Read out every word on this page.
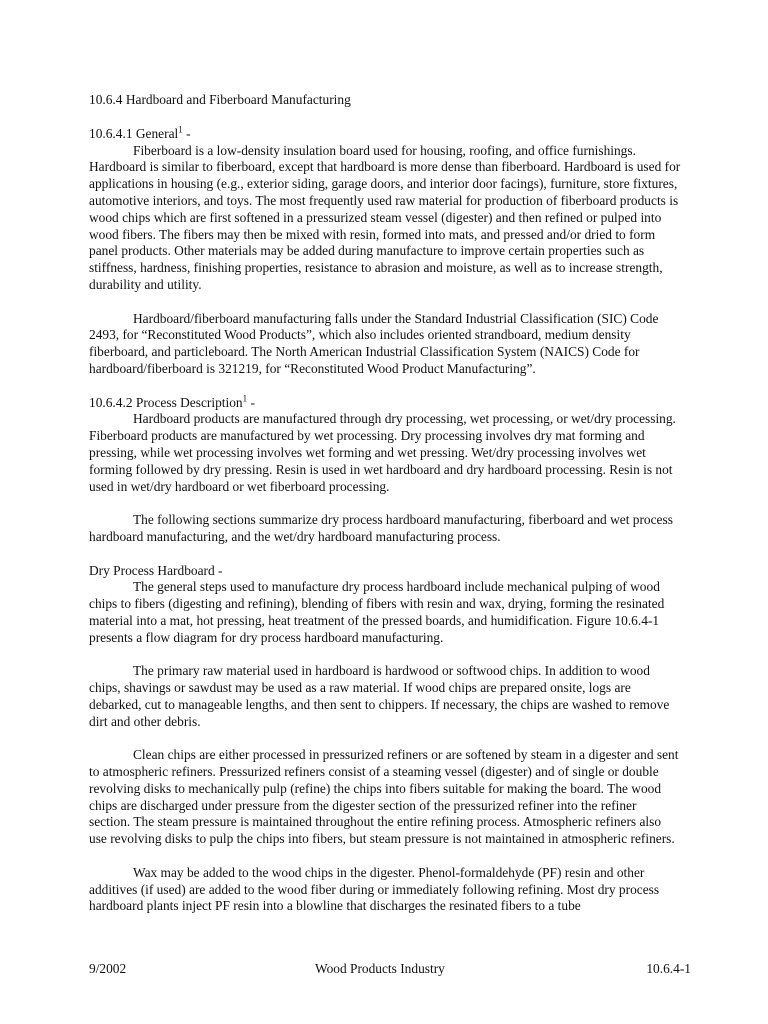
10.6.4 Hardboard and Fiberboard Manufacturing

10.6.4.1 General$^1$ -

Fiberboard is a low-density insulation board used for housing, roofing, and office furnishings. Hardboard is similar to fiberboard, except that hardboard is more dense than fiberboard. Hardboard is used for applications in housing (e.g., exterior siding, garage doors, and interior door facings), furniture, store fixtures, automotive interiors, and toys. The most frequently used raw material for production of fiberboard products is wood chips which are first softened in a pressurized steam vessel (digester) and then refined or pulped into wood fibers. The fibers may then be mixed with resin, formed into mats, and pressed and/or dried to form panel products. Other materials may be added during manufacture to improve certain properties such as stiffness, hardness, finishing properties, resistance to abrasion and moisture, as well as to increase strength, durability and utility.

Hardboard/fiberboard manufacturing falls under the Standard Industrial Classification (SIC) Code 2493, for “Reconstituted Wood Products”, which also includes oriented strandboard, medium density fiberboard, and particleboard. The North American Industrial Classification System (NAICS) Code for hardboard/fiberboard is 321219, for “Reconstituted Wood Product Manufacturing”.

10.6.4.2 Process Description$^1$ -

Hardboard products are manufactured through dry processing, wet processing, or wet/dry processing. Fiberboard products are manufactured by wet processing. Dry processing involves dry mat forming and pressing, while wet processing involves wet forming and wet pressing. Wet/dry processing involves wet forming followed by dry pressing. Resin is used in wet hardboard and dry hardboard processing. Resin is not used in wet/dry hardboard or wet fiberboard processing.

The following sections summarize dry process hardboard manufacturing, fiberboard and wet process hardboard manufacturing, and the wet/dry hardboard manufacturing process.

Dry Process Hardboard -

The general steps used to manufacture dry process hardboard include mechanical pulping of wood chips to fibers (digesting and refining), blending of fibers with resin and wax, drying, forming the resinated material into a mat, hot pressing, heat treatment of the pressed boards, and humidification. Figure 10.6.4-1 presents a flow diagram for dry process hardboard manufacturing.

The primary raw material used in hardboard is hardwood or softwood chips. In addition to wood chips, shavings or sawdust may be used as a raw material. If wood chips are prepared onsite, logs are debarked, cut to manageable lengths, and then sent to chippers. If necessary, the chips are washed to remove dirt and other debris.

Clean chips are either processed in pressurized refiners or are softened by steam in a digester and sent to atmospheric refiners. Pressurized refiners consist of a steaming vessel (digester) and of single or double revolving disks to mechanically pulp (refine) the chips into fibers suitable for making the board. The wood chips are discharged under pressure from the digester section of the pressurized refiner into the refiner section. The steam pressure is maintained throughout the entire refining process. Atmospheric refiners also use revolving disks to pulp the chips into fibers, but steam pressure is not maintained in atmospheric refiners.

Wax may be added to the wood chips in the digester. Phenol-formaldehyde (PF) resin and other additives (if used) are added to the wood fiber during or immediately following refining. Most dry process hardboard plants inject PF resin into a blowline that discharges the resinated fibers to a tube

9/2002	Wood Products Industry	10.6.4-1
